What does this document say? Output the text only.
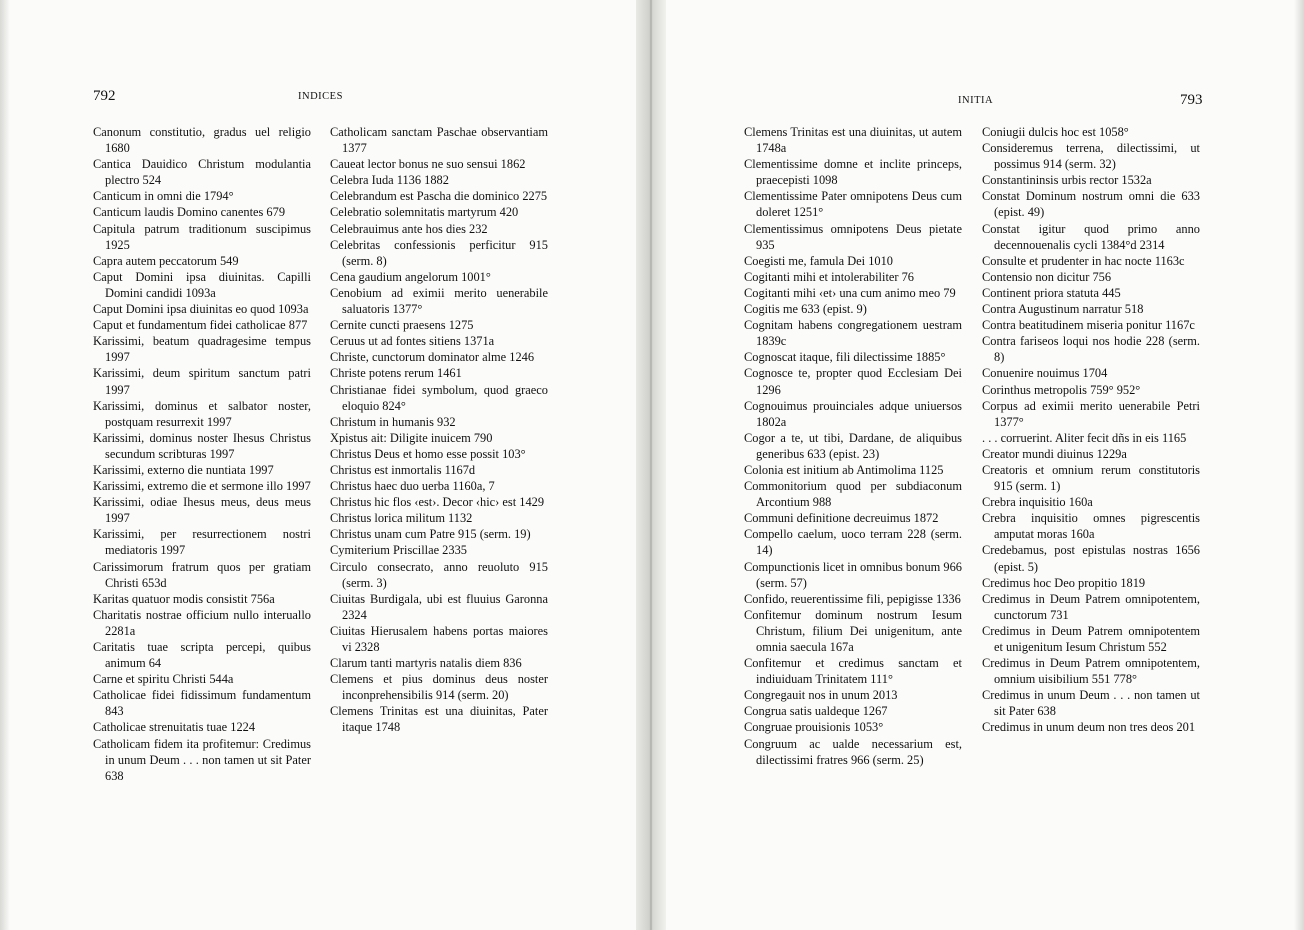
792	INDICES	INITIA	793
Canonum constitutio, gradus uel religio 1680
Cantica Dauidico Christum modulantia plectro 524
Canticum in omni die 1794°
Canticum laudis Domino canentes 679
Capitula patrum traditionum suscipimus 1925
Capra autem peccatorum 549
Caput Domini ipsa diuinitas. Capilli Domini candidi 1093a
Caput Domini ipsa diuinitas eo quod 1093a
Caput et fundamentum fidei catholicae 877
Karissimi, beatum quadragesime tempus 1997
Karissimi, deum spiritum sanctum patri 1997
Karissimi, dominus et salbator noster, postquam resurrexit 1997
Karissimi, dominus noster Ihesus Christus secundum scribturas 1997
Karissimi, externo die nuntiata 1997
Karissimi, extremo die et sermone illo 1997
Karissimi, odiae Ihesus meus, deus meus 1997
Karissimi, per resurrectionem nostri mediatoris 1997
Carissimorum fratrum quos per gratiam Christi 653d
Karitas quatuor modis consistit 756a
Charitatis nostrae officium nullo interuallo 2281a
Caritatis tuae scripta percepi, quibus animum 64
Carne et spiritu Christi 544a
Catholicae fidei fidissimum fundamentum 843
Catholicae strenuitatis tuae 1224
Catholicam fidem ita profitemur: Credimus in unum Deum . . . non tamen ut sit Pater 638
Catholicam sanctam Paschae observantiam 1377
Caueat lector bonus ne suo sensui 1862
Celebra Iuda 1136 1882
Celebrandum est Pascha die dominico 2275
Celebratio solemnitatis martyrum 420
Celebrauimus ante hos dies 232
Celebritas confessionis perficitur 915 (serm. 8)
Cena gaudium angelorum 1001°
Cenobium ad eximii merito uenerabile saluatoris 1377°
Cernite cuncti praesens 1275
Ceruus ut ad fontes sitiens 1371a
Christe, cunctorum dominator alme 1246
Christe potens rerum 1461
Christianae fidei symbolum, quod graeco eloquio 824°
Christum in humanis 932
Xpistus ait: Diligite inuicem 790
Christus Deus et homo esse possit 103°
Christus est inmortalis 1167d
Christus haec duo uerba 1160a, 7
Christus hic flos ‹est›. Decor ‹hic› est 1429
Christus lorica militum 1132
Christus unam cum Patre 915 (serm. 19)
Cymiterium Priscillae 2335
Circulo consecrato, anno reuoluto 915 (serm. 3)
Ciuitas Burdigala, ubi est fluuius Garonna 2324
Ciuitas Hierusalem habens portas maiores vi 2328
Clarum tanti martyris natalis diem 836
Clemens et pius dominus deus noster inconprehensibilis 914 (serm. 20)
Clemens Trinitas est una diuinitas, Pater itaque 1748
Clemens Trinitas est una diuinitas, ut autem 1748a
Clementissime domne et inclite princeps, praecepisti 1098
Clementissime Pater omnipotens Deus cum doleret 1251°
Clementissimus omnipotens Deus pietate 935
Coegisti me, famula Dei 1010
Cogitanti mihi et intolerabiliter 76
Cogitanti mihi ‹et› una cum animo meo 79
Cogitis me 633 (epist. 9)
Cognitam habens congregationem uestram 1839c
Cognoscat itaque, fili dilectissime 1885°
Cognosce te, propter quod Ecclesiam Dei 1296
Cognouimus prouinciales adque uniuersos 1802a
Cogor a te, ut tibi, Dardane, de aliquibus generibus 633 (epist. 23)
Colonia est initium ab Antimolima 1125
Commonitorium quod per subdiaconum Arcontium 988
Communi definitione decreuimus 1872
Compello caelum, uoco terram 228 (serm. 14)
Compunctionis licet in omnibus bonum 966 (serm. 57)
Confido, reuerentissime fili, pepigisse 1336
Confitemur dominum nostrum Iesum Christum, filium Dei unigenitum, ante omnia saecula 167a
Confitemur et credimus sanctam et indiuiduam Trinitatem 111°
Congregauit nos in unum 2013
Congrua satis ualdeque 1267
Congruae prouisionis 1053°
Congruum ac ualde necessarium est, dilectissimi fratres 966 (serm. 25)
Coniugii dulcis hoc est 1058°
Consideremus terrena, dilectissimi, ut possimus 914 (serm. 32)
Constantininsis urbis rector 1532a
Constat Dominum nostrum omni die 633 (epist. 49)
Constat igitur quod primo anno decennouenalis cycli 1384°d 2314
Consulte et prudenter in hac nocte 1163c
Contensio non dicitur 756
Continent priora statuta 445
Contra Augustinum narratur 518
Contra beatitudinem miseria ponitur 1167c
Contra fariseos loqui nos hodie 228 (serm. 8)
Conuenire nouimus 1704
Corinthus metropolis 759° 952°
Corpus ad eximii merito uenerabile Petri 1377°
. . . corruerint. Aliter fecit dñs in eis 1165
Creator mundi diuinus 1229a
Creatoris et omnium rerum constitutoris 915 (serm. 1)
Crebra inquisitio 160a
Crebra inquisitio omnes pigrescentis amputat moras 160a
Credebamus, post epistulas nostras 1656 (epist. 5)
Credimus hoc Deo propitio 1819
Credimus in Deum Patrem omnipotentem, cunctorum 731
Credimus in Deum Patrem omnipotentem et unigenitum Iesum Christum 552
Credimus in Deum Patrem omnipotentem, omnium uisibilium 551 778°
Credimus in unum Deum . . . non tamen ut sit Pater 638
Credimus in unum deum non tres deos 201
